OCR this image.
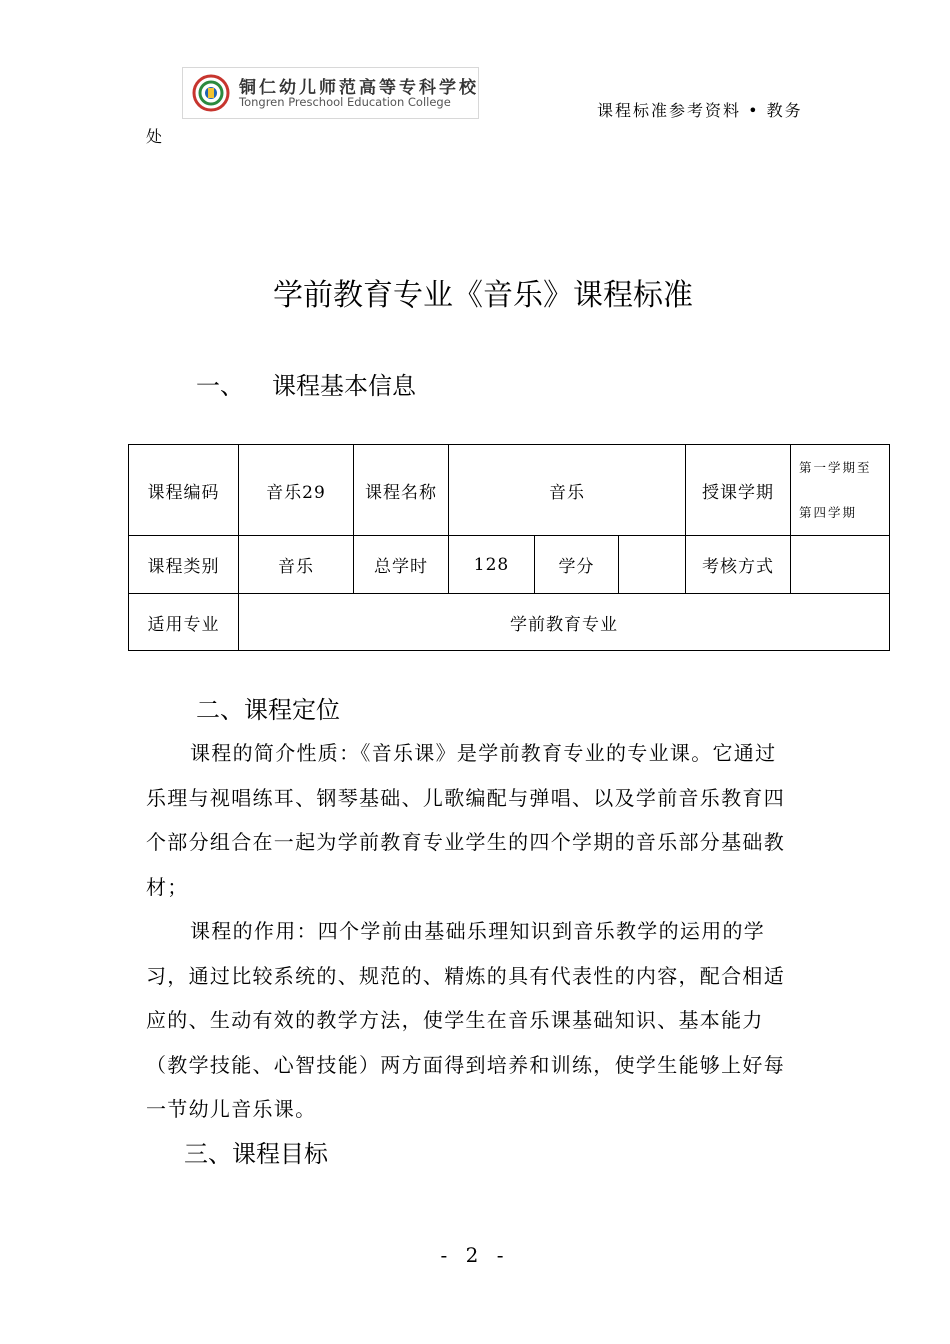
铜仁幼儿师范高等专科学校
Tongren Preschool Education College	课程标准参考资料 • 教务
处
学前教育专业《音乐》课程标准
一、 课程基本信息
课程编码	音乐29	课程名称	音乐			授课学期	第一学期至
第四学期

课程类别	音乐	总学时	128	学分		考核方式	
适用专业	学前教育专业						
二、课程定位
课程的简介性质：《音乐课》是学前教育专业的专业课。它通过乐理与视唱练耳、钢琴基础、儿歌编配与弹唱、以及学前音乐教育四个部分组合在一起为学前教育专业学生的四个学期的音乐部分基础教材；
课程的作用：四个学前由基础乐理知识到音乐教学的运用的学习，通过比较系统的、规范的、精炼的具有代表性的内容，配合相适应的、生动有效的教学方法，使学生在音乐课基础知识、基本能力（教学技能、心智技能）两方面得到培养和训练，使学生能够上好每一节幼儿音乐课。
三、课程目标
- 2 -
